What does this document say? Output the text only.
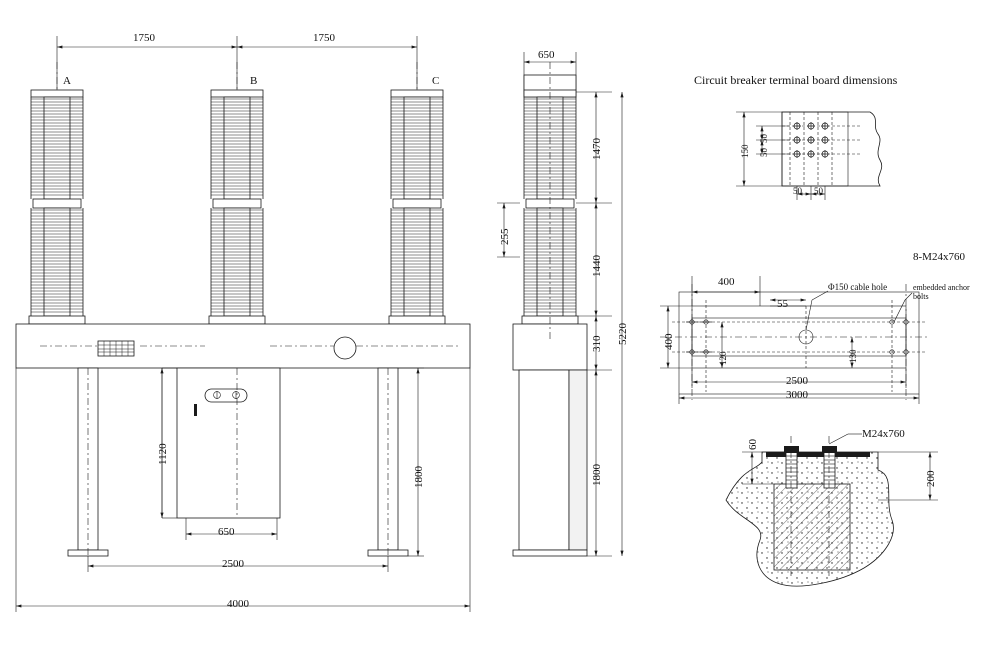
1750	1750
A	B	C
1120
1800
650
2500
4000
650
255
1470
1440
310
1800
5220
Circuit breaker terminal board dimensions
150
50
50
50 50
400
400
55
120	130
2500
3000
8-M24x760
embedded anchor
bolts
Φ150 cable hole
60
200
M24x760
